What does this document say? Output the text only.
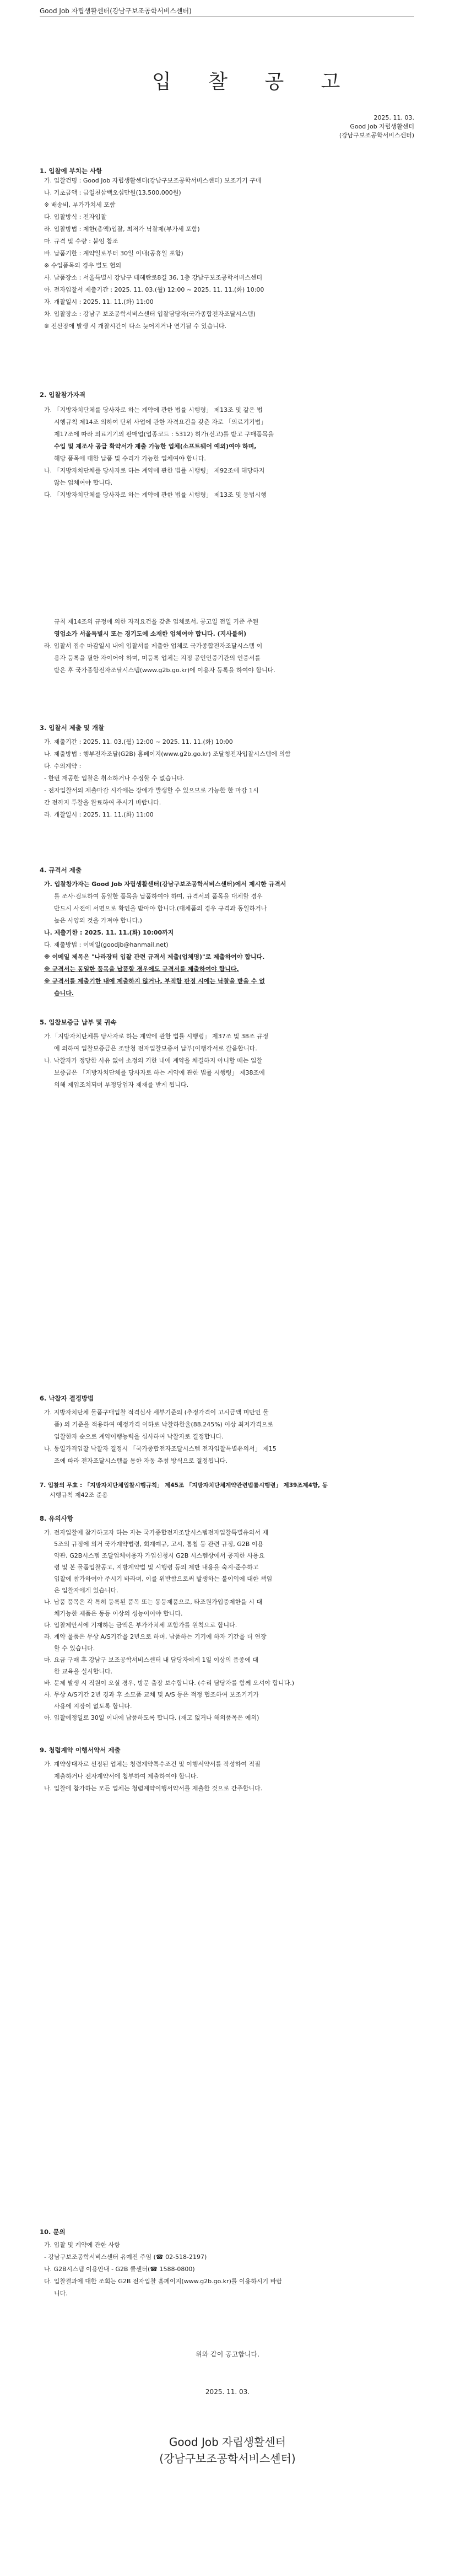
Good Job 자립생활센터(강남구보조공학서비스센터)
입 찰 공 고
2025. 11. 03.
Good Job 자립생활센터
(강남구보조공학서비스센터)
1. 입찰에 부치는 사항
가. 입찰건명 : Good Job 자립생활센터(강남구보조공학서비스센터) 보조기기 구매
나. 기초금액 : 금일천삼백오십만원(13,500,000원)
※ 배송비, 부가가치세 포함
다. 입찰방식 : 전자입찰
라. 입찰방법 : 제한(총액)입찰, 최저가 낙찰제(부가세 포함)
마. 규격 및 수량 : 붙임 참조
바. 납품기한 : 계약일로부터 30일 이내(공휴일 포함)
※ 수입품목의 경우 별도 협의
사. 납품장소 : 서울특별시 강남구 테헤란로8길 36, 1층 강남구보조공학서비스센터
아. 전자입찰서 제출기간 : 2025. 11. 03.(월) 12:00 ~ 2025. 11. 11.(화) 10:00
자. 개찰일시 : 2025. 11. 11.(화) 11:00
차. 입찰장소 : 강남구 보조공학서비스센터 입찰담당자(국가종합전자조달시스템)
※ 전산장애 발생 시 개찰시간이 다소 늦어지거나 연기될 수 있습니다.
2. 입찰참가자격
가. 「지방자치단체를 당사자로 하는 계약에 관한 법률 시행령」 제13조 및 같은 법
시행규칙 제14조 의하여 단위 사업에 관한 자격요건을 갖춘 자로 「의료기기법」
제17조에 따라 의료기기의 판매업(업종코드 : 5312) 허가(신고)를 받고 구매품목을
수입 및 제조사 공급 확약서가 제출 가능한 업체(소프트웨어 예외)여야 하며,
해당 품목에 대한 납품 및 수리가 가능한 업체여야 합니다.
나. 「지방자치단체를 당사자로 하는 계약에 관한 법률 시행령」 제92조에 해당하지
않는 업체여야 합니다.
다. 「지방자치단체를 당사자로 하는 계약에 관한 법률 시행령」 제13조 및 동법시행
규칙 제14조의 규정에 의한 자격요건을 갖춘 업체로서, 공고일 전일 기준 주된
영업소가 서울특별시 또는 경기도에 소재한 업체여야 합니다. (지사불허)
라. 입찰서 접수 마감일시 내에 입찰서를 제출한 업체로 국가종합전자조달시스템 이
용자 등록을 필한 자이어야 하며, 미등록 업체는 지정 공인인증기관의 인증서를
받은 후 국가종합전자조달시스템(www.g2b.go.kr)에 이용자 등록을 하여야 합니다.
3. 입찰서 제출 및 개찰
가. 제출기간 : 2025. 11. 03.(월) 12:00 ~ 2025. 11. 11.(화) 10:00
나. 제출방법 : 행부전자조달(G2B) 홈페이지(www.g2b.go.kr) 조달청전자입찰시스템에 의함
다. 수의계약 :
- 한번 재공한 입찰은 취소하거나 수정할 수 없습니다.
- 전자입찰서의 제출마감 시각에는 장애가 발생할 수 있으므로 가능한 한 마감 1시
간 전까지 투찰을 완료하여 주시기 바랍니다.
라. 개찰일시 : 2025. 11. 11.(화) 11:00
4. 규격서 제출
가. 입찰참가자는 Good Job 자립생활센터(강남구보조공학서비스센터)에서 제시한 규격서
를 조사·검토하여 동일한 품목을 납품하여야 하며, 규격서의 품목을 대체할 경우
반드시 사전에 서면으로 확인을 받아야 합니다.(대체품의 경우 규격과 동일하거나
높은 사양의 것을 가져야 합니다.)
나. 제출기한 : 2025. 11. 11.(화) 10:00까지
다. 제출방법 : 이메일(goodjb@hanmail.net)
※ 이메일 제목은 "나라장터 입찰 관련 규격서 제출(업체명)"로 제출하여야 합니다.
※ 규격서는 동일한 품목을 납품할 경우에도 규격서를 제출하여야 합니다.
※ 규격서를 제출기한 내에 제출하지 않거나, 부적합 판정 시에는 낙찰을 받을 수 없
습니다.
5. 입찰보증금 납부 및 귀속
가.「지방자치단체를 당사자로 하는 계약에 관한 법률 시행령」 제37조 및 38조 규정
에 의하여 입찰보증금은 조달청 전자입찰보증서 납부(이행각서로 갈음합니다.
나. 낙찰자가 정당한 사유 없이 소정의 기한 내에 계약을 체결하지 아니할 때는 입찰
보증금은 「지방자치단체를 당사자로 하는 계약에 관한 법률 시행령」 제38조에
의해 제입조치되며 부정당업자 제재를 받게 됩니다.
6. 낙찰자 결정방법
가. 지방자치단체 물품구매입찰 적격심사 세부기준의 (추정가격이 고시금액 미만인 물
품) 의 기준을 적용하여 예정가격 이하로 낙찰하한율(88.245%) 이상 최저가격으로
입찰한자 순으로 계약이행능력을 심사하여 낙찰자로 결정합니다.
나. 동일가격입찰 낙찰자 결정시 「국가종합전자조달시스템 전자입찰특별유의서」 제15
조에 따라 전자조달시스템을 통한 자동 추첨 방식으로 결정됩니다.
7. 입찰의 무효 : 「지방자치단체입찰시행규칙」 제45조 「지방자치단체계약관련법률시행령」 제39조제4항, 동
시행규칙 제42조 준용
8. 유의사항
가. 전자입찰에 참가하고자 하는 자는 국가종합전자조달시스템전자입찰특별유의서 제
5조의 규정에 의거 국가계약법령, 회계예규, 고시, 통첩 등 관련 규정, G2B 이용
약관, G2B시스템 조달업체이용자 가입신청시 G2B 시스템상에서 공지한 사용요
령 및 본 물품입찰공고, 지방계약법 및 시행령 등의 제반 내용을 숙지·준수하고
입찰에 참가하여야 주시기 바라며, 이를 위반함으로써 발생하는 불이익에 대한 책임
은 입찰자에게 있습니다.
나. 납품 품목은 각 특허 등록된 품목 또는 동등제품으로, 타조원가입증제한을 시 대
체가능한 제품은 동등 이상의 성능이어야 합니다.
다. 입찰제안서에 기재하는 금액은 부가가치세 포함가를 원칙으로 합니다.
라. 계약 물품은 무상 A/S기간을 2년으로 하며, 납품하는 기기에 하자 기간을 더 연장
할 수 있습니다.
마. 요금 구매 후 강남구 보조공학서비스센터 내 담당자에게 1일 이상의 품종에 대
한 교육을 실시합니다.
바. 문제 발생 시 직원이 오실 경우, 방문 출장 보수합니다. (수리 담당자를 함께 오셔야 합니다.)
사. 무상 A/S기간 2년 경과 후 소모품 교체 및 A/S 등은 적정 협조하여 보조기기가
사용에 지장이 없도록 합니다.
아. 입찰예정일로 30일 이내에 납품하도록 합니다. (재고 없거나 해외품목은 예외)
9. 청렴계약 이행서약서 제출
가. 계약상대자로 선정된 업체는 청렴계약특수조건 및 이행서약서를 작성하여 적절
제출하거나 전자계약서에 첨부하여 제출하여야 합니다.
나. 입찰에 참가하는 모든 업체는 청렴계약이행서약서를 제출한 것으로 간주합니다.
10. 문의
가. 입찰 및 계약에 관한 사항
- 강남구보조공학서비스센터 유예진 주임 (☎ 02-518-2197)
나. G2B시스템 이용안내 - G2B 콜센터(☎ 1588-0800)
다. 입찰결과에 대한 조회는 G2B 전자입찰 홈페이지(www.g2b.go.kr)를 이용하시기 바랍
니다.
위와 같이 공고합니다.
2025. 11. 03.
Good Job 자립생활센터
(강남구보조공학서비스센터)
